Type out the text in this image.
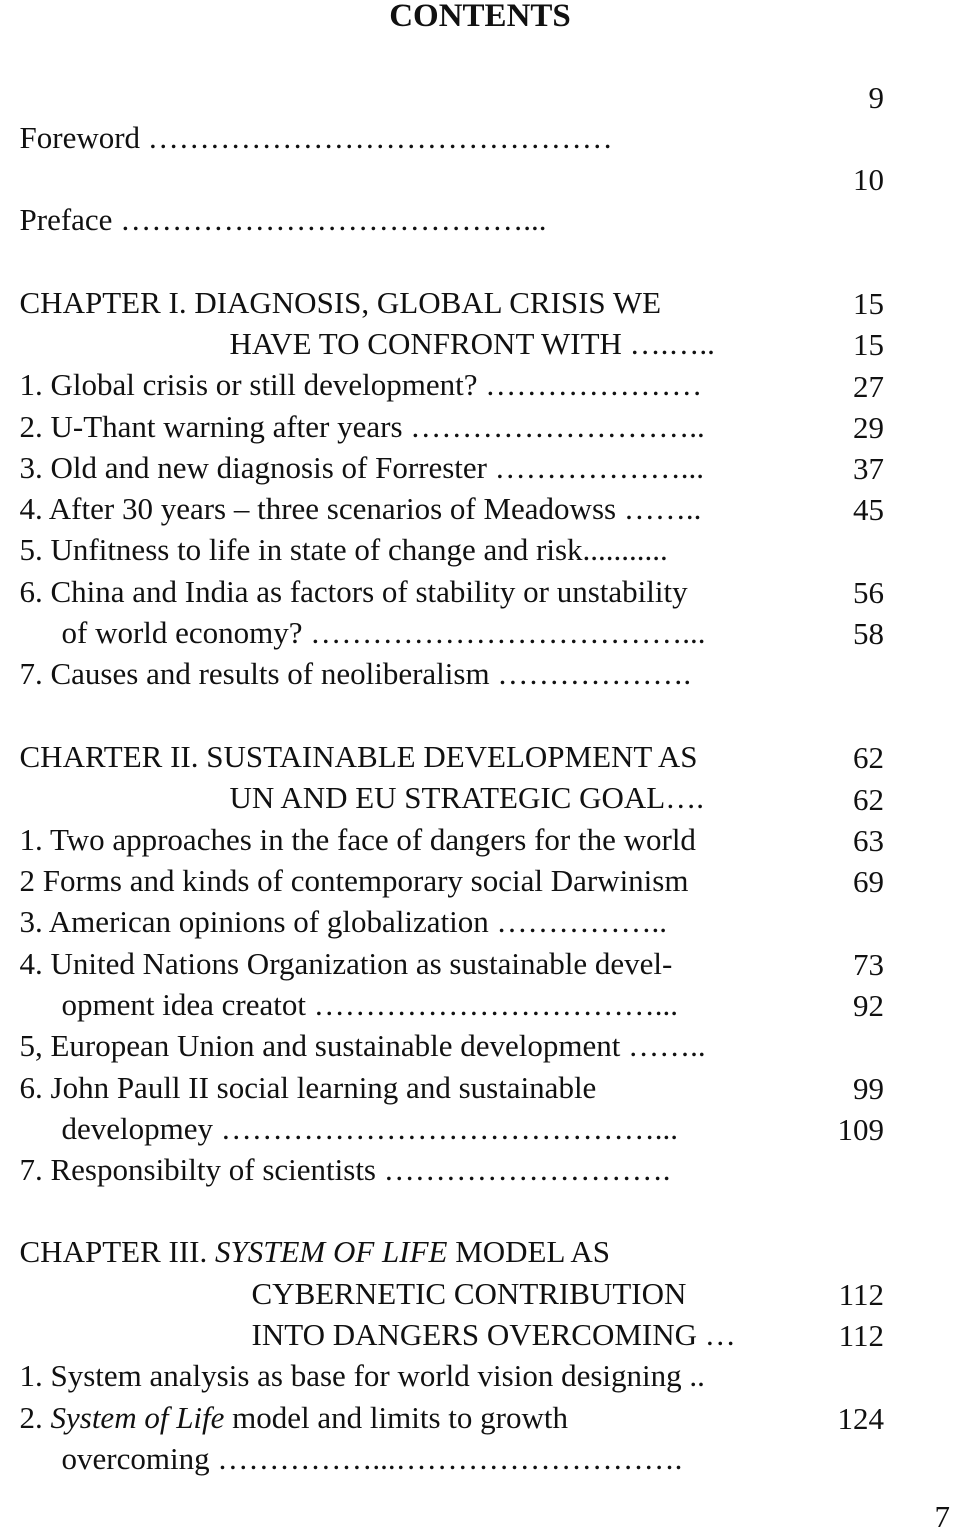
CONTENTS

Foreword ………………………………………

9

Preface …………………………………...

10

CHAPTER I. DIAGNOSIS, GLOBAL CRISIS WE

HAVE TO CONFRONT WITH ….…..

15

1. Global crisis or still development? …………………

15

2. U-Thant warning after years ………………………..

27

3. Old and new diagnosis of Forrester ………………...

29

4. After 30 years – three scenarios of Meadowss ……..

37

5. Unfitness to life in state of change and risk...........

45

6. China and India as factors of stability or unstability

of world economy? ………………………………...

56

7. Causes and results of neoliberalism ……………….

58

CHARTER II. SUSTAINABLE DEVELOPMENT AS

UN AND EU STRATEGIC GOAL….

62

1. Two approaches in the face of dangers for the world

62

2 Forms and kinds of contemporary social Darwinism

63

3. American opinions of globalization ……………..

69

4. United Nations Organization as sustainable devel-

opment idea creatot ……………………………...

73

5, European Union and sustainable development ……..

92

6. John Paull II social learning and sustainable

developmey ……………………………………...

99

7. Responsibilty of scientists ……………………….

109

CHAPTER III. SYSTEM OF LIFE MODEL AS

CYBERNETIC CONTRIBUTION

INTO DANGERS OVERCOMING …

112

1. System analysis as base for world vision designing ..

112

2. System of Life model and limits to growth

overcoming ……………...……………………….

124
7
